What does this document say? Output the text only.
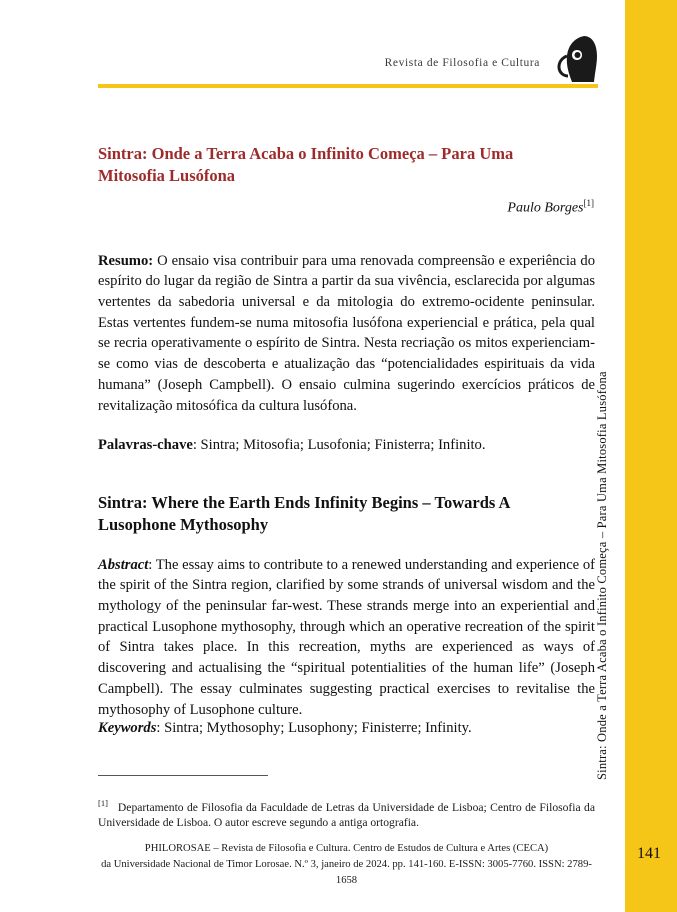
Sintra: Onde a Terra Acaba o Infinito Começa – Para Uma Mitosofia Lusófona
141
Revista de Filosofia e Cultura
Sintra: Onde a Terra Acaba o Infinito Começa – Para Uma Mitosofia Lusófona
Paulo Borges[1]

Resumo: O ensaio visa contribuir para uma renovada compreensão e experiência do espírito do lugar da região de Sintra a partir da sua vivência, esclarecida por algumas vertentes da sabedoria universal e da mitologia do extremo-ocidente peninsular. Estas vertentes fundem-se numa mitosofia lusófona experiencial e prática, pela qual se recria operativamente o espírito de Sintra. Nesta recriação os mitos experienciam-se como vias de descoberta e atualização das “potencialidades espirituais da vida humana” (Joseph Campbell). O ensaio culmina sugerindo exercícios práticos de revitalização mitosófica da cultura lusófona.

Palavras-chave: Sintra; Mitosofia; Lusofonia; Finisterra; Infinito.

Sintra: Where the Earth Ends Infinity Begins – Towards A Lusophone Mythosophy

Abstract: The essay aims to contribute to a renewed understanding and experience of the spirit of the Sintra region, clarified by some strands of universal wisdom and the mythology of the peninsular far-west. These strands merge into an experiential and practical Lusophone mythosophy, through which an operative recreation of the spirit of Sintra takes place. In this recreation, myths are experienced as ways of discovering and actualising the “spiritual potentialities of the human life” (Joseph Campbell). The essay culminates suggesting practical exercises to revitalise the mythosophy of Lusophone culture.

Keywords: Sintra; Mythosophy; Lusophony; Finisterre; Infinity.

[1] Departamento de Filosofia da Faculdade de Letras da Universidade de Lisboa; Centro de Filosofia da Universidade de Lisboa. O autor escreve segundo a antiga ortografia.

PHILOROSAE – Revista de Filosofia e Cultura. Centro de Estudos de Cultura e Artes (CECA)
da Universidade Nacional de Timor Lorosae. N.º 3, janeiro de 2024. pp. 141-160. E-ISSN: 3005-7760. ISSN: 2789-1658
